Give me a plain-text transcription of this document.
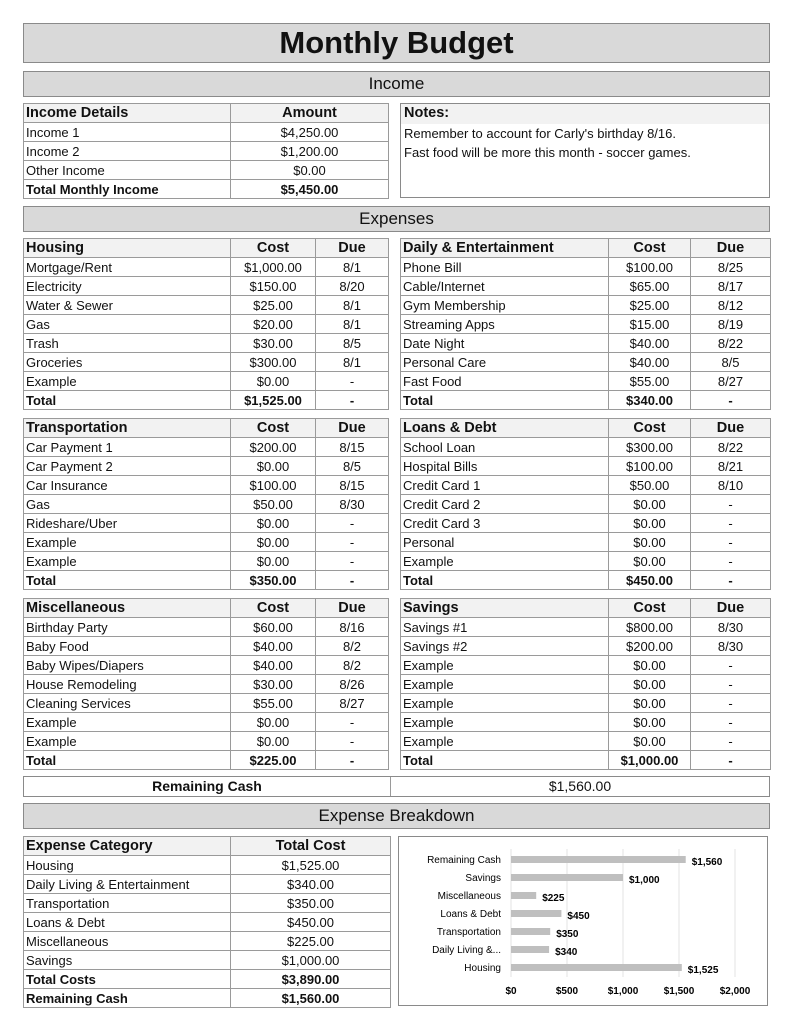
Monthly Budget
Income
Notes:
Remember to account for Carly's birthday 8/16.
Fast food will be more this month - soccer games.
Expenses
Remaining Cash	$1,560.00
Expense Breakdown
$0	$500	$1,000	$1,500	$2,000
Remaining Cash	$1,560
Savings	$1,000
Miscellaneous	$225
Loans & Debt	$450
Transportation	$350
Daily Living &...	$340
Housing	$1,525
Income Details	Amount
Income 1	$4,250.00
Income 2	$1,200.00
Other Income	$0.00
Total Monthly Income	$5,450.00
Housing	Cost	Due
Mortgage/Rent	$1,000.00	8/1
Electricity	$150.00	8/20
Water & Sewer	$25.00	8/1
Gas	$20.00	8/1
Trash	$30.00	8/5
Groceries	$300.00	8/1
Example	$0.00	-
Total	$1,525.00	-
Daily & Entertainment	Cost	Due
Phone Bill	$100.00	8/25
Cable/Internet	$65.00	8/17
Gym Membership	$25.00	8/12
Streaming Apps	$15.00	8/19
Date Night	$40.00	8/22
Personal Care	$40.00	8/5
Fast Food	$55.00	8/27
Total	$340.00	-
Transportation	Cost	Due
Car Payment 1	$200.00	8/15
Car Payment 2	$0.00	8/5
Car Insurance	$100.00	8/15
Gas	$50.00	8/30
Rideshare/Uber	$0.00	-
Example	$0.00	-
Example	$0.00	-
Total	$350.00	-
Loans & Debt	Cost	Due
School Loan	$300.00	8/22
Hospital Bills	$100.00	8/21
Credit Card 1	$50.00	8/10
Credit Card 2	$0.00	-
Credit Card 3	$0.00	-
Personal	$0.00	-
Example	$0.00	-
Total	$450.00	-
Miscellaneous	Cost	Due
Birthday Party	$60.00	8/16
Baby Food	$40.00	8/2
Baby Wipes/Diapers	$40.00	8/2
House Remodeling	$30.00	8/26
Cleaning Services	$55.00	8/27
Example	$0.00	-
Example	$0.00	-
Total	$225.00	-
Savings	Cost	Due
Savings #1	$800.00	8/30
Savings #2	$200.00	8/30
Example	$0.00	-
Example	$0.00	-
Example	$0.00	-
Example	$0.00	-
Example	$0.00	-
Total	$1,000.00	-
Expense Category	Total Cost
Housing	$1,525.00
Daily Living & Entertainment	$340.00
Transportation	$350.00
Loans & Debt	$450.00
Miscellaneous	$225.00
Savings	$1,000.00
Total Costs	$3,890.00
Remaining Cash	$1,560.00
